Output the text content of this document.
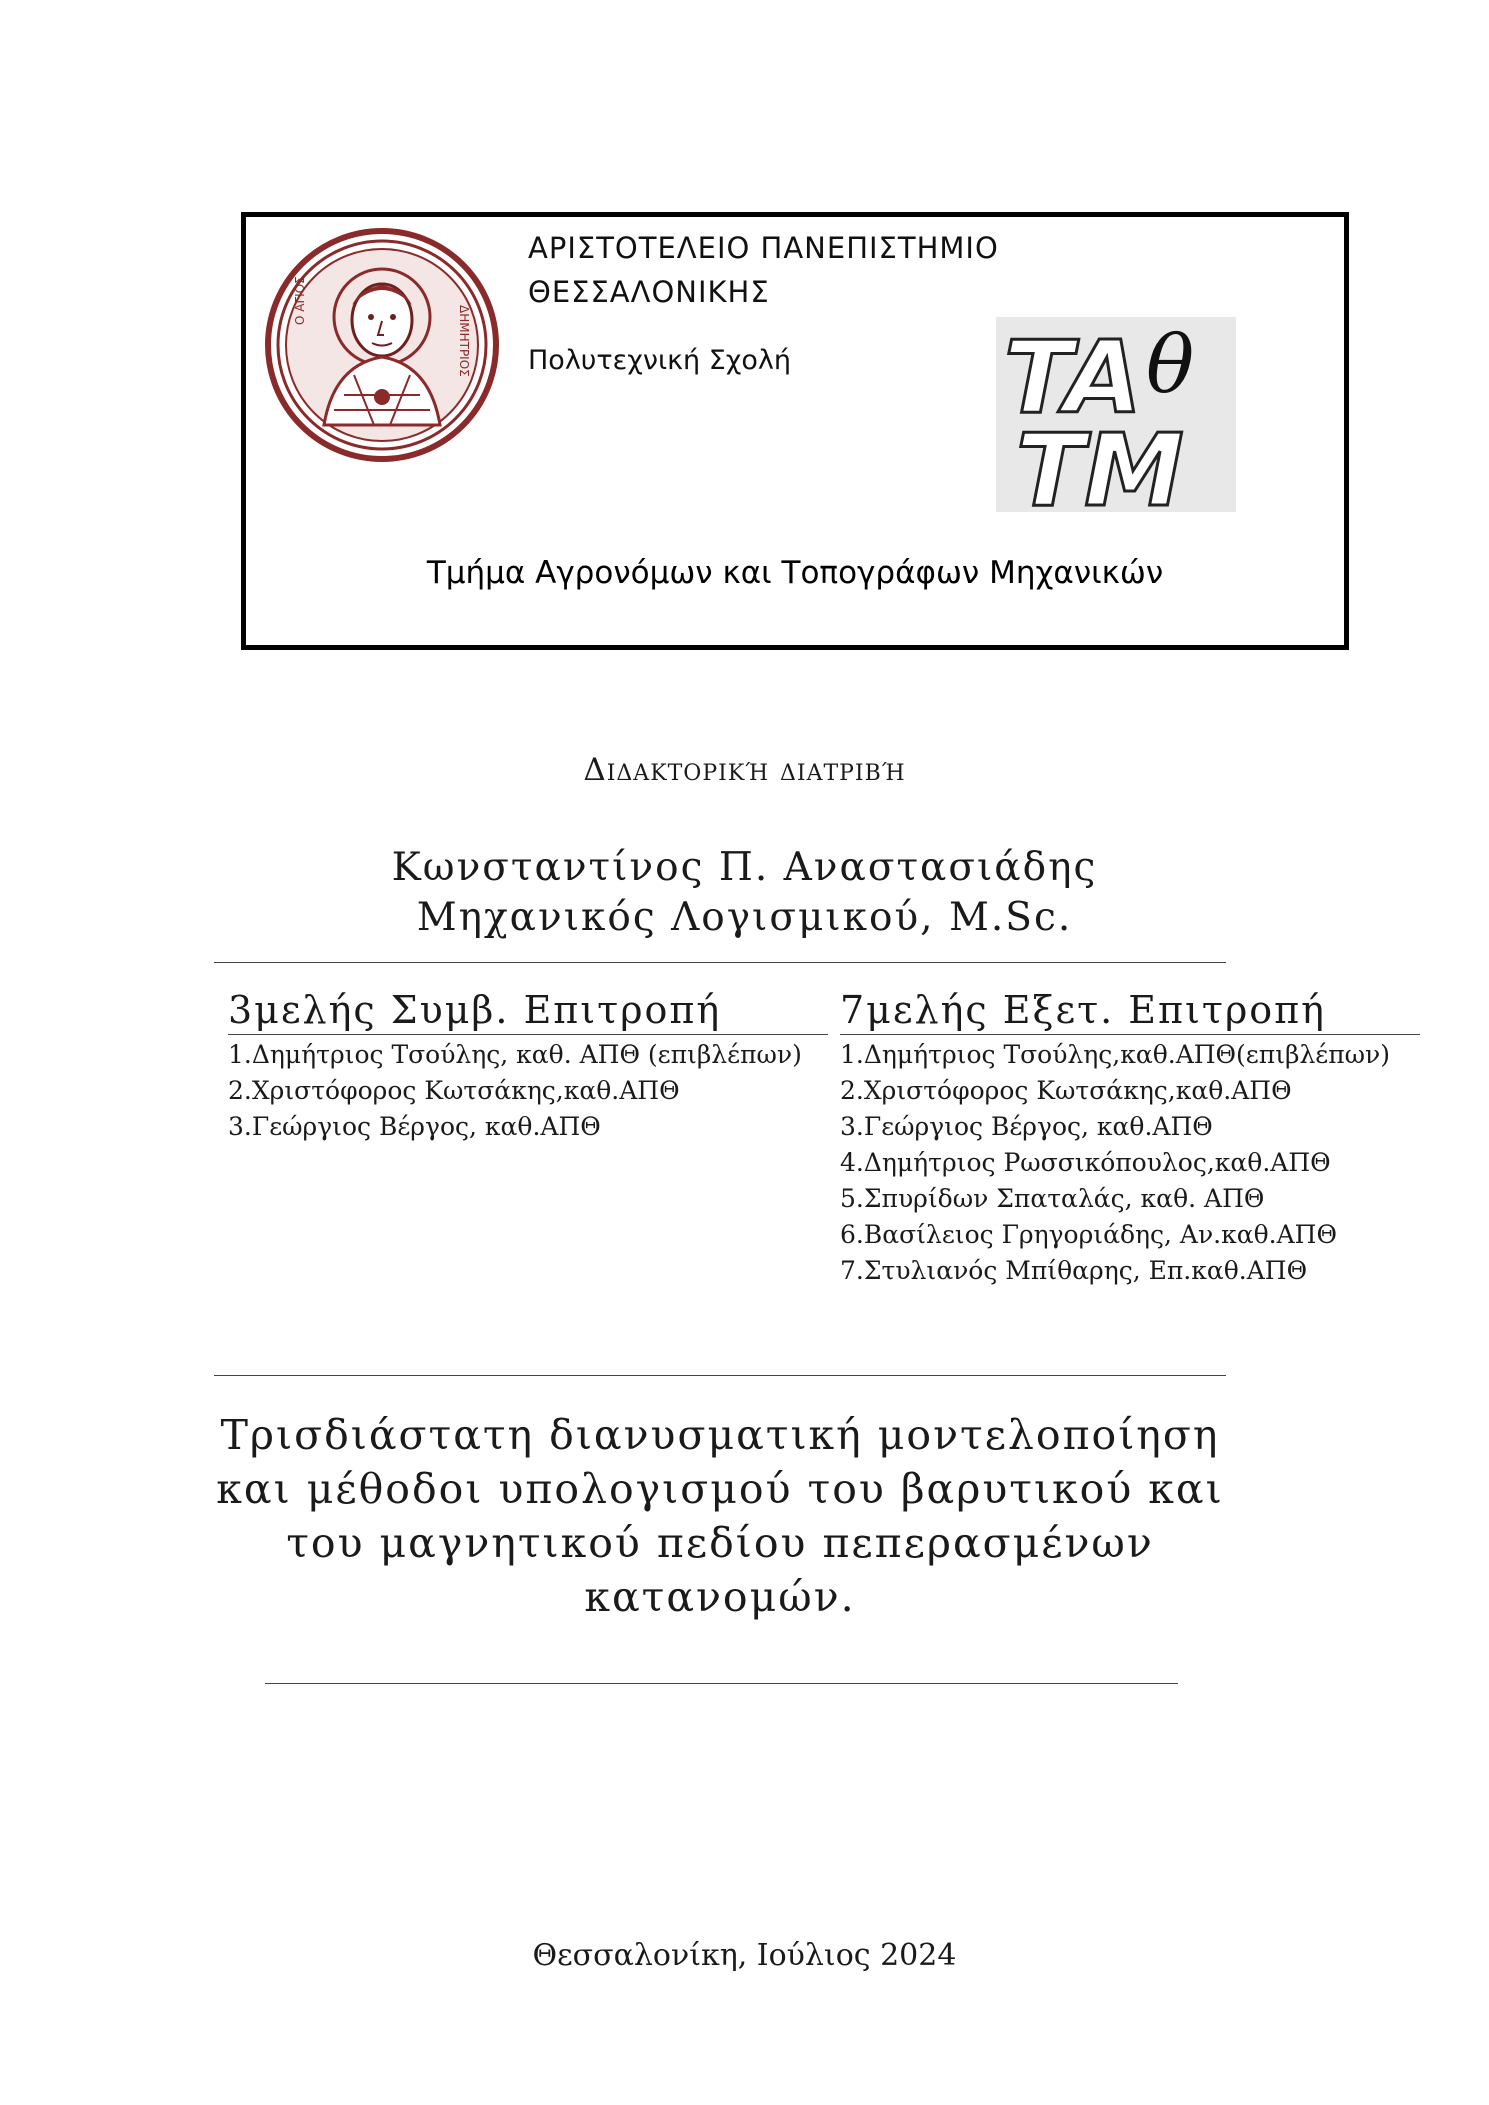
Ο ΑΓΙΟΣ
ΔΗΜΗΤΡΙΟΣ
ΑΡΙΣΤΟΤΕΛΕΙΟ ΠΑΝΕΠΙΣΤΗΜΙΟ
ΘΕΣΣΑΛΟΝΙΚΗΣ
Πολυτεχνική Σχολή TA θ
TM
Τμήμα Αγρονόμων και Τοπογράφων Μηχανικών
Διδακτορική διατριβή
Κωνσταντίνος Π. Αναστασιάδης
Μηχανικός Λογισμικού, M.Sc.
3μελής Συμβ. Επιτροπή
1.Δημήτριος Τσούλης, καθ. ΑΠΘ (επιβλέπων)
2.Χριστόφορος Κωτσάκης,καθ.ΑΠΘ
3.Γεώργιος Βέργος, καθ.ΑΠΘ
7μελής Εξετ. Επιτροπή
1.Δημήτριος Τσούλης,καθ.ΑΠΘ(επιβλέπων)
2.Χριστόφορος Κωτσάκης,καθ.ΑΠΘ
3.Γεώργιος Βέργος, καθ.ΑΠΘ
4.Δημήτριος Ρωσσικόπουλος,καθ.ΑΠΘ
5.Σπυρίδων Σπαταλάς, καθ. ΑΠΘ
6.Βασίλειος Γρηγοριάδης, Αν.καθ.ΑΠΘ
7.Στυλιανός Μπίθαρης, Επ.καθ.ΑΠΘ
Τρισδιάστατη διανυσματική μοντελοποίηση
και μέθοδοι υπολογισμού του βαρυτικού και
του μαγνητικού πεδίου πεπερασμένων
κατανομών.
Θεσσαλονίκη, Ιούλιος 2024
